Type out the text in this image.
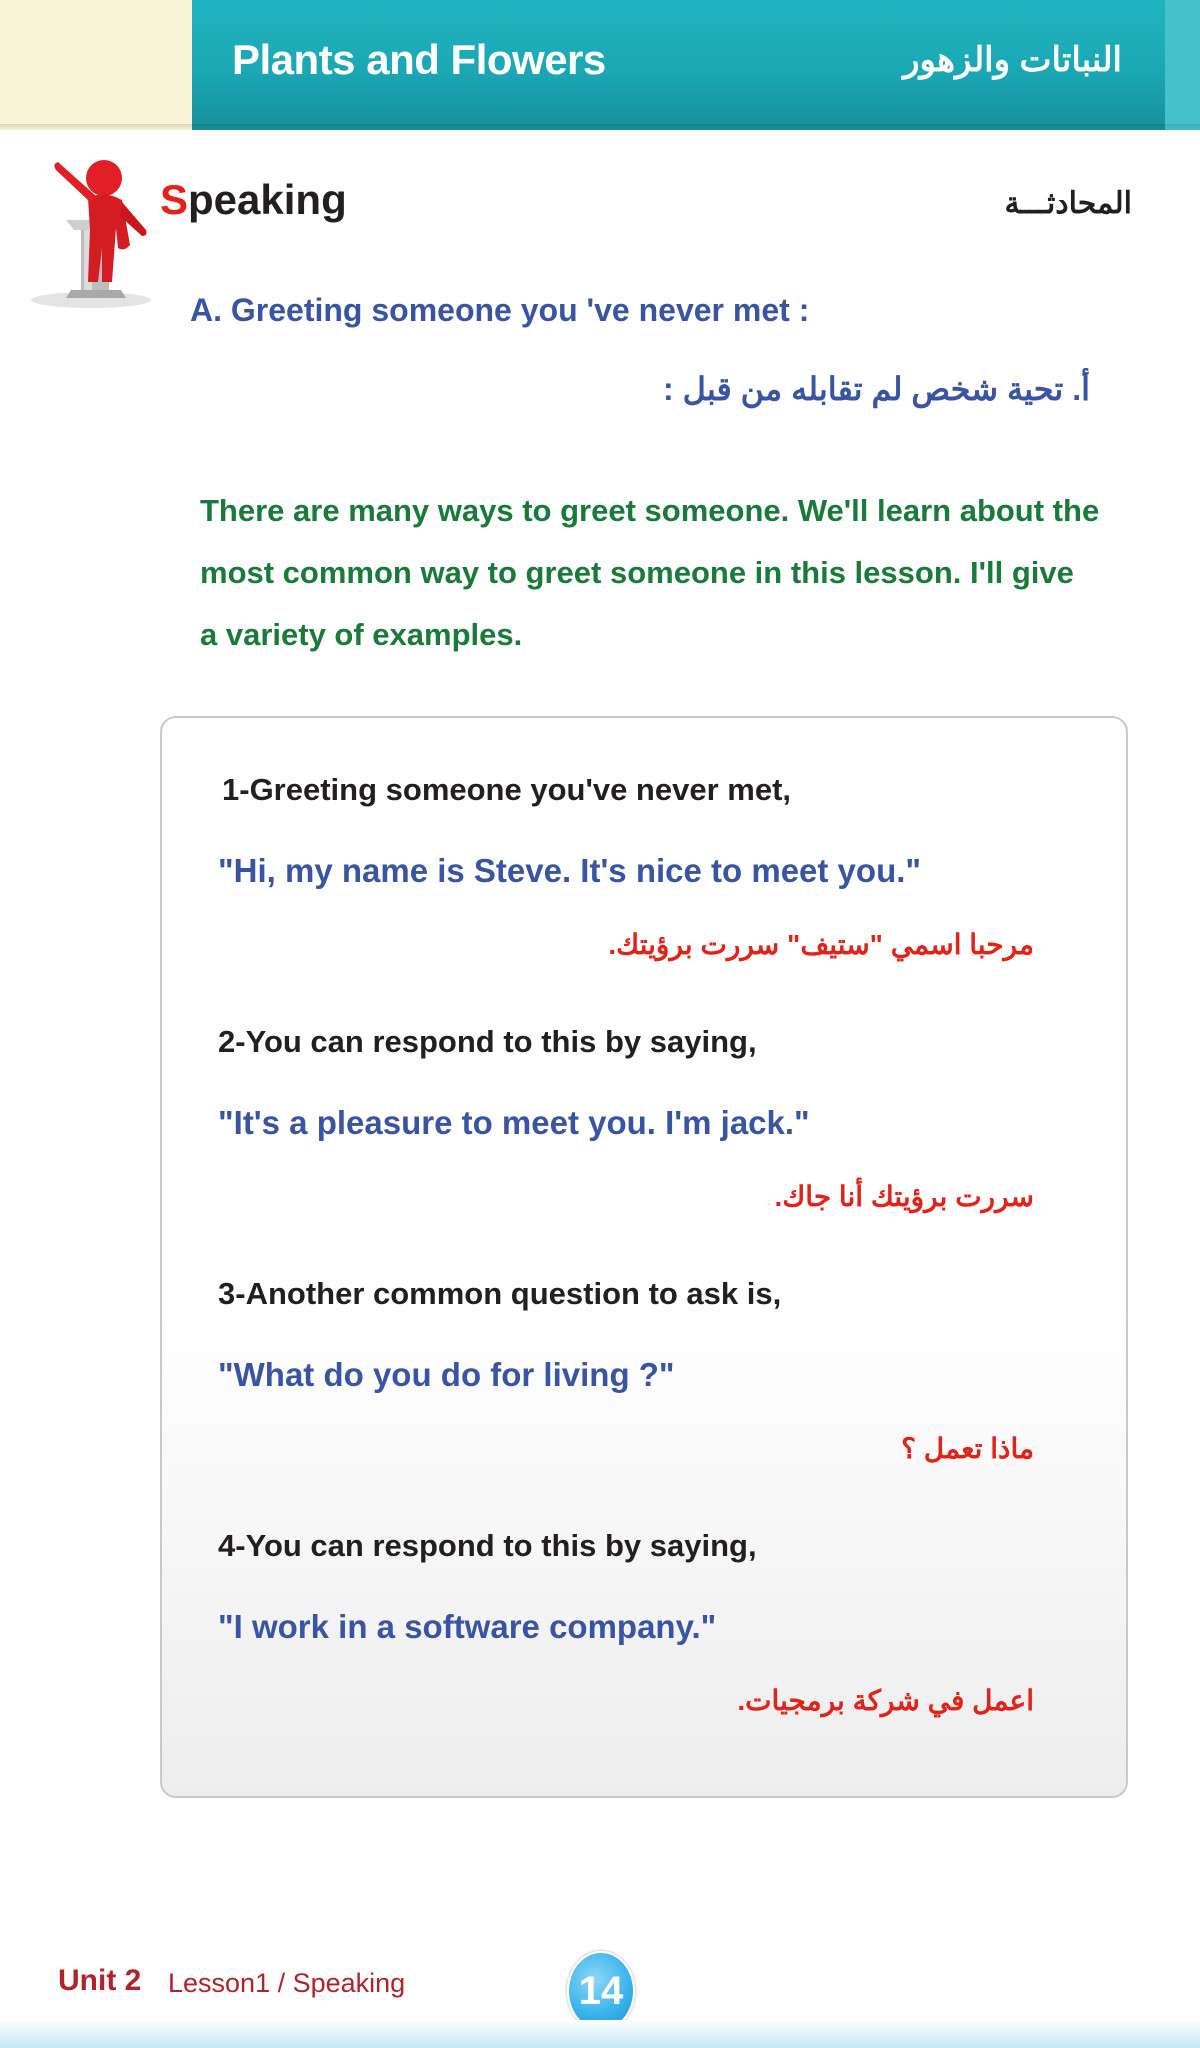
Plants and Flowers	النباتات والزهور
Speaking	المحادثـــة
A. Greeting someone you 've never met :
أ. تحية شخص لم تقابله من قبل :
There are many ways to greet someone. We'll learn about the
most common way to greet someone in this lesson. I'll give
a variety of examples.
1-Greeting someone you've never met,
"Hi, my name is Steve. It's nice to meet you."
مرحبا اسمي "ستيف" سررت برؤيتك.
2-You can respond to this by saying,
"It's a pleasure to meet you. I'm jack."
سررت برؤيتك أنا جاك.
3-Another common question to ask is,
"What do you do for living ?"
ماذا تعمل ؟
4-You can respond to this by saying,
"I work in a software company."
اعمل في شركة برمجيات.
Unit 2 Lesson1 / Speaking	14
